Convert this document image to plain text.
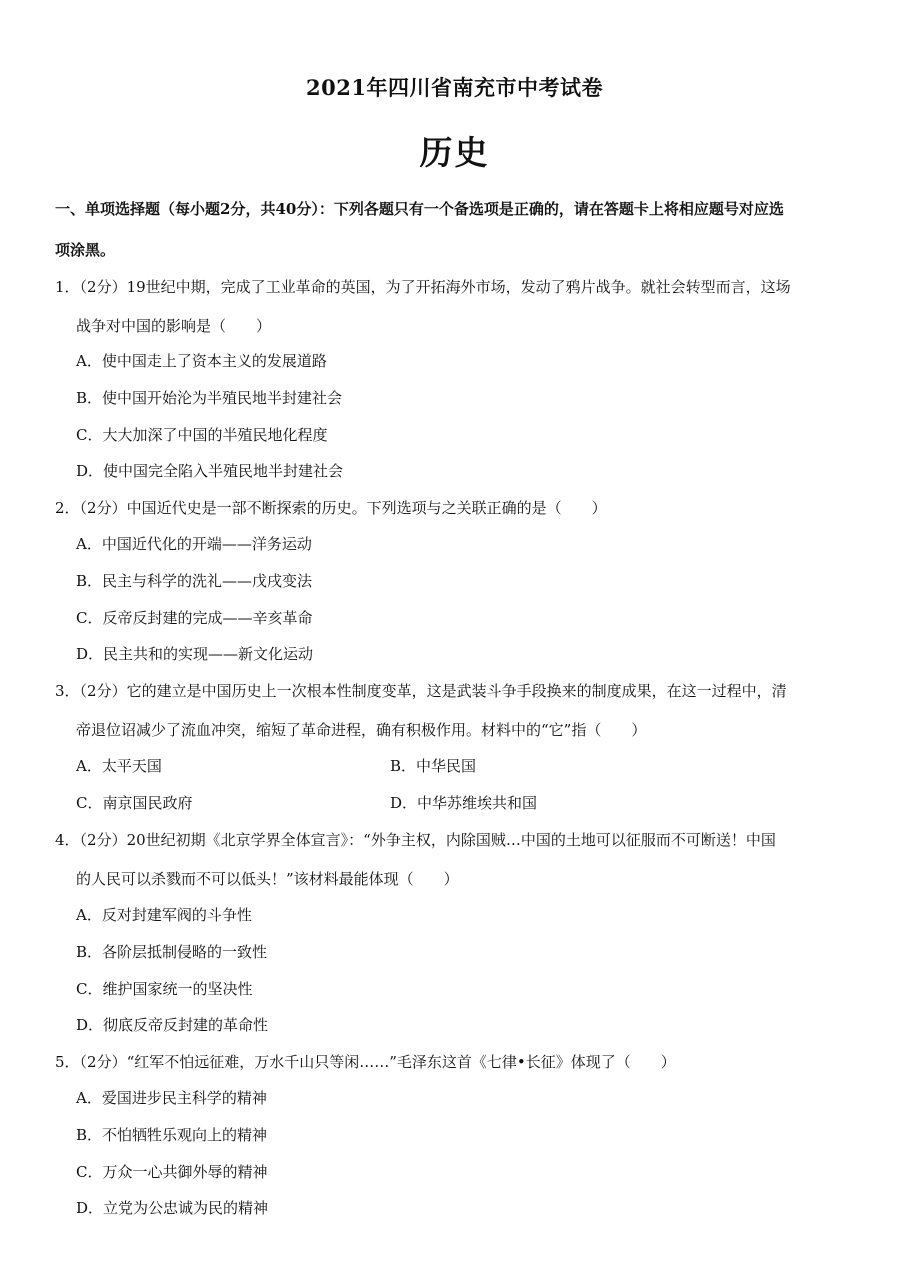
2021年四川省南充市中考试卷
历史
一、单项选择题（每小题2分，共40分）：下列各题只有一个备选项是正确的，请在答题卡上将相应题号对应选
项涂黑。
1．（2分）19世纪中期，完成了工业革命的英国，为了开拓海外市场，发动了鸦片战争。就社会转型而言，这场
战争对中国的影响是（　　）
A．使中国走上了资本主义的发展道路
B．使中国开始沦为半殖民地半封建社会
C．大大加深了中国的半殖民地化程度
D．使中国完全陷入半殖民地半封建社会
2．（2分）中国近代史是一部不断探索的历史。下列选项与之关联正确的是（　　）
A．中国近代化的开端——洋务运动
B．民主与科学的洗礼——戊戌变法
C．反帝反封建的完成——辛亥革命
D．民主共和的实现——新文化运动
3．（2分）它的建立是中国历史上一次根本性制度变革，这是武装斗争手段换来的制度成果，在这一过程中，清
帝退位诏减少了流血冲突，缩短了革命进程，确有积极作用。材料中的“它”指（　　）
A．太平天国	B．中华民国
C．南京国民政府	D．中华苏维埃共和国
4．（2分）20世纪初期《北京学界全体宣言》：“外争主权，内除国贼…中国的土地可以征服而不可断送！中国
的人民可以杀戮而不可以低头！”该材料最能体现（　　）
A．反对封建军阀的斗争性
B．各阶层抵制侵略的一致性
C．维护国家统一的坚决性
D．彻底反帝反封建的革命性
5．（2分）“红军不怕远征难，万水千山只等闲……”毛泽东这首《七律•长征》体现了（　　）
A．爱国进步民主科学的精神
B．不怕牺牲乐观向上的精神
C．万众一心共御外辱的精神
D．立党为公忠诚为民的精神
